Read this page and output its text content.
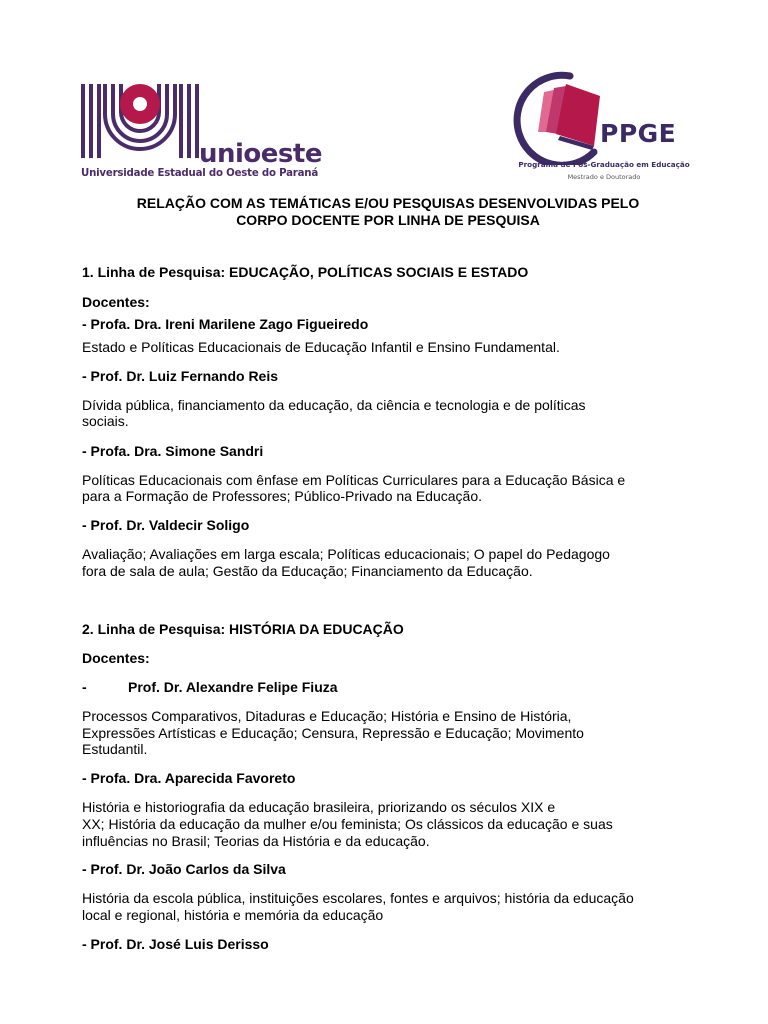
unioeste
Universidade Estadual do Oeste do Paraná
PPGE
Programa de Pós-Graduação em Educação
Mestrado e Doutorado
RELAÇÃO COM AS TEMÁTICAS E/OU PESQUISAS DESENVOLVIDAS PELO
CORPO DOCENTE POR LINHA DE PESQUISA
1. Linha de Pesquisa: EDUCAÇÃO, POLÍTICAS SOCIAIS E ESTADO
Docentes:
- Profa. Dra. Ireni Marilene Zago Figueiredo
Estado e Políticas Educacionais de Educação Infantil e Ensino Fundamental.
- Prof. Dr. Luiz Fernando Reis
Dívida pública, financiamento da educação, da ciência e tecnologia e de políticas
sociais.
- Profa. Dra. Simone Sandri
Políticas Educacionais com ênfase em Políticas Curriculares para a Educação Básica e
para a Formação de Professores; Público-Privado na Educação.
- Prof. Dr. Valdecir Soligo
Avaliação; Avaliações em larga escala; Políticas educacionais; O papel do Pedagogo
fora de sala de aula; Gestão da Educação; Financiamento da Educação.
2. Linha de Pesquisa: HISTÓRIA DA EDUCAÇÃO
Docentes:
-	Prof. Dr. Alexandre Felipe Fiuza
Processos Comparativos, Ditaduras e Educação; História e Ensino de História,
Expressões Artísticas e Educação; Censura, Repressão e Educação; Movimento
Estudantil.
- Profa. Dra. Aparecida Favoreto
História e historiografia da educação brasileira, priorizando os séculos XIX e
XX; História da educação da mulher e/ou feminista; Os clássicos da educação e suas
influências no Brasil; Teorias da História e da educação.
- Prof. Dr. João Carlos da Silva
História da escola pública, instituições escolares, fontes e arquivos; história da educação
local e regional, história e memória da educação
- Prof. Dr. José Luis Derisso
